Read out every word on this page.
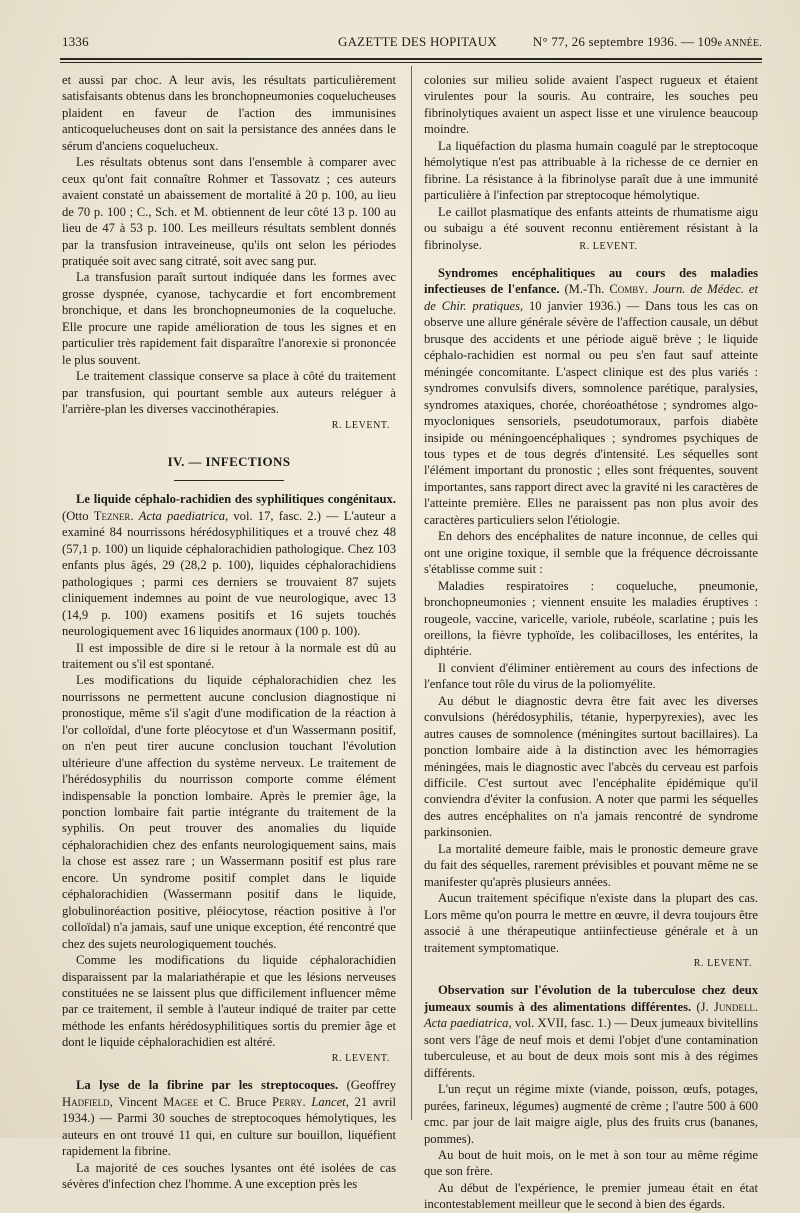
1336	GAZETTE DES HOPITAUX	N° 77, 26 septembre 1936. — 109e ANNÉE.

et aussi par choc. A leur avis, les résultats particulièrement satisfaisants obtenus dans les bronchopneumonies coquelucheuses plaident en faveur de l'action des immunisines anticoquelucheuses dont on sait la persistance des années dans le sérum d'anciens coquelucheux.

Les résultats obtenus sont dans l'ensemble à comparer avec ceux qu'ont fait connaître Rohmer et Tassovatz ; ces auteurs avaient constaté un abaissement de mortalité à 20 p. 100, au lieu de 70 p. 100 ; C., Sch. et M. obtiennent de leur côté 13 p. 100 au lieu de 47 à 53 p. 100. Les meilleurs résultats semblent donnés par la transfusion intraveineuse, qu'ils ont selon les périodes pratiquée soit avec sang citraté, soit avec sang pur.

La transfusion paraît surtout indiquée dans les formes avec grosse dyspnée, cyanose, tachycardie et fort encombrement bronchique, et dans les bronchopneumonies de la coqueluche. Elle procure une rapide amélioration de tous les signes et en particulier très rapidement fait disparaître l'anorexie si prononcée le plus souvent.

Le traitement classique conserve sa place à côté du traitement par transfusion, qui pourtant semble aux auteurs reléguer à l'arrière-plan les diverses vaccinothérapies.

R. LEVENT.
IV. — INFECTIONS

Le liquide céphalo-rachidien des syphilitiques congénitaux. (Otto Tezner. Acta paediatrica, vol. 17, fasc. 2.) — L'auteur a examiné 84 nourrissons hérédosyphilitiques et a trouvé chez 48 (57,1 p. 100) un liquide céphalorachidien pathologique. Chez 103 enfants plus âgés, 29 (28,2 p. 100), liquides céphalorachidiens pathologiques ; parmi ces derniers se trouvaient 87 sujets cliniquement indemnes au point de vue neurologique, avec 13 (14,9 p. 100) examens positifs et 16 sujets touchés neurologiquement avec 16 liquides anormaux (100 p. 100).

Il est impossible de dire si le retour à la normale est dû au traitement ou s'il est spontané.

Les modifications du liquide céphalorachidien chez les nourrissons ne permettent aucune conclusion diagnostique ni pronostique, même s'il s'agit d'une modification de la réaction à l'or colloïdal, d'une forte pléocytose et d'un Wassermann positif, on n'en peut tirer aucune conclusion touchant l'évolution ultérieure d'une affection du système nerveux. Le traitement de l'hérédosyphilis du nourrisson comporte comme élément indispensable la ponction lombaire. Après le premier âge, la ponction lombaire fait partie intégrante du traitement de la syphilis. On peut trouver des anomalies du liquide céphalorachidien chez des enfants neurologiquement sains, mais la chose est assez rare ; un Wassermann positif est plus rare encore. Un syndrome positif complet dans le liquide céphalorachidien (Wassermann positif dans le liquide, globulinoréaction positive, pléiocytose, réaction positive à l'or colloïdal) n'a jamais, sauf une unique exception, été rencontré que chez des sujets neurologiquement touchés.

Comme les modifications du liquide céphalorachidien disparaissent par la malariathérapie et que les lésions nerveuses constituées ne se laissent plus que difficilement influencer même par ce traitement, il semble à l'auteur indiqué de traiter par cette méthode les enfants hérédosyphilitiques sortis du premier âge et dont le liquide céphalorachidien est altéré.

R. LEVENT.

La lyse de la fibrine par les streptocoques. (Geoffrey Hadfield, Vincent Magee et C. Bruce Perry. Lancet, 21 avril 1934.) — Parmi 30 souches de streptocoques hémolytiques, les auteurs en ont trouvé 11 qui, en culture sur bouillon, liquéfient rapidement la fibrine.

La majorité de ces souches lysantes ont été isolées de cas sévères d'infection chez l'homme. A une exception près les

colonies sur milieu solide avaient l'aspect rugueux et étaient virulentes pour la souris. Au contraire, les souches peu fibrinolytiques avaient un aspect lisse et une virulence beaucoup moindre.

La liquéfaction du plasma humain coagulé par le streptocoque hémolytique n'est pas attribuable à la richesse de ce dernier en fibrine. La résistance à la fibrinolyse paraît due à une immunité particulière à l'infection par streptocoque hémolytique.

Le caillot plasmatique des enfants atteints de rhumatisme aigu ou subaigu a été souvent reconnu entièrement résistant à la fibrinolyse.	R. LEVENT.

Syndromes encéphalitiques au cours des maladies infectieuses de l'enfance. (M.-Th. Comby. Journ. de Médec. et de Chir. pratiques, 10 janvier 1936.) — Dans tous les cas on observe une allure générale sévère de l'affection causale, un début brusque des accidents et une période aiguë brève ; le liquide céphalo-rachidien est normal ou peu s'en faut sauf atteinte méningée concomitante. L'aspect clinique est des plus variés : syndromes convulsifs divers, somnolence parétique, paralysies, syndromes ataxiques, chorée, choréoathétose ; syndromes algo-myocloniques sensoriels, pseudotumoraux, parfois diabète insipide ou méningoencéphaliques ; syndromes psychiques de tous types et de tous degrés d'intensité. Les séquelles sont l'élément important du pronostic ; elles sont fréquentes, souvent importantes, sans rapport direct avec la gravité ni les caractères de l'atteinte première. Elles ne paraissent pas non plus avoir des caractères particuliers selon l'étiologie.

En dehors des encéphalites de nature inconnue, de celles qui ont une origine toxique, il semble que la fréquence décroissante s'établisse comme suit :

Maladies respiratoires : coqueluche, pneumonie, bronchopneumonies ; viennent ensuite les maladies éruptives : rougeole, vaccine, varicelle, variole, rubéole, scarlatine ; puis les oreillons, la fièvre typhoïde, les colibacilloses, les entérites, la diphtérie.

Il convient d'éliminer entièrement au cours des infections de l'enfance tout rôle du virus de la poliomyélite.

Au début le diagnostic devra être fait avec les diverses convulsions (hérédosyphilis, tétanie, hyperpyrexies), avec les autres causes de somnolence (méningites surtout bacillaires). La ponction lombaire aide à la distinction avec les hémorragies méningées, mais le diagnostic avec l'abcès du cerveau est parfois difficile. C'est surtout avec l'encéphalite épidémique qu'il conviendra d'éviter la confusion. A noter que parmi les séquelles des autres encéphalites on n'a jamais rencontré de syndrome parkinsonien.

La mortalité demeure faible, mais le pronostic demeure grave du fait des séquelles, rarement prévisibles et pouvant même ne se manifester qu'après plusieurs années.

Aucun traitement spécifique n'existe dans la plupart des cas. Lors même qu'on pourra le mettre en œuvre, il devra toujours être associé à une thérapeutique antiinfectieuse générale et à un traitement symptomatique.

R. LEVENT.

Observation sur l'évolution de la tuberculose chez deux jumeaux soumis à des alimentations différentes. (J. Jundell. Acta paediatrica, vol. XVII, fasc. 1.) — Deux jumeaux bivitellins sont vers l'âge de neuf mois et demi l'objet d'une contamination tuberculeuse, et au bout de deux mois sont mis à des régimes différents.

L'un reçut un régime mixte (viande, poisson, œufs, potages, purées, farineux, légumes) augmenté de crème ; l'autre 500 à 600 cmc. par jour de lait maigre aigle, plus des fruits crus (bananes, pommes).

Au bout de huit mois, on le met à son tour au même régime que son frère.

Au début de l'expérience, le premier jumeau était en état incontestablement meilleur que le second à bien des égards.
